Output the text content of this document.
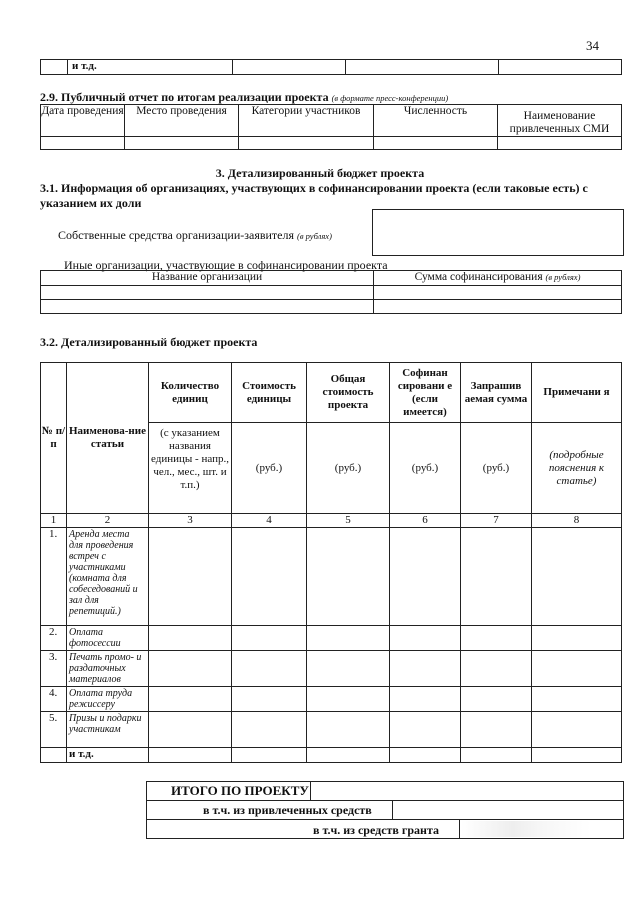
34
	и т.д.			
2.9. Публичный отчет по итогам реализации проекта (в формате пресс-конференции)
Дата проведения	Место проведения	Категории участников	Численность	Наименование привлеченных СМИ

3. Детализированный бюджет проекта
3.1. Информация об организациях, участвующих в софинансировании проекта (если таковые есть) с указанием их доли
Собственные средства организации-заявителя (в рублях)
Иные организации, участвующие в софинансировании проекта
Название организации	Сумма софинансирования (в рублях)

3.2. Детализированный бюджет проекта
№ п/п	Наименова-ние статьи	Количество единиц	Стоимость единицы	Общая стоимость проекта	Софинан сировани е (если имеется)	Запрашив аемая сумма	Примечани я
		(с указанием названия единицы - напр., чел., мес., шт. и т.п.)	(руб.)	(руб.)	(руб.)	(руб.)	(подробные пояснения к статье)
1	2	3	4	5	6	7	8
1.	Аренда места для проведения встреч с участниками (комната для собеседований и зал для репетиций.)						
2.	Оплата фотосессии						
3.	Печать промо- и раздаточных материалов						
4.	Оплата труда режиссеру						
5.	Призы и подарки участникам						
	и т.д.						
ИТОГО ПО ПРОЕКТУ
в т.ч. из привлеченных средств
в т.ч. из средств гранта
